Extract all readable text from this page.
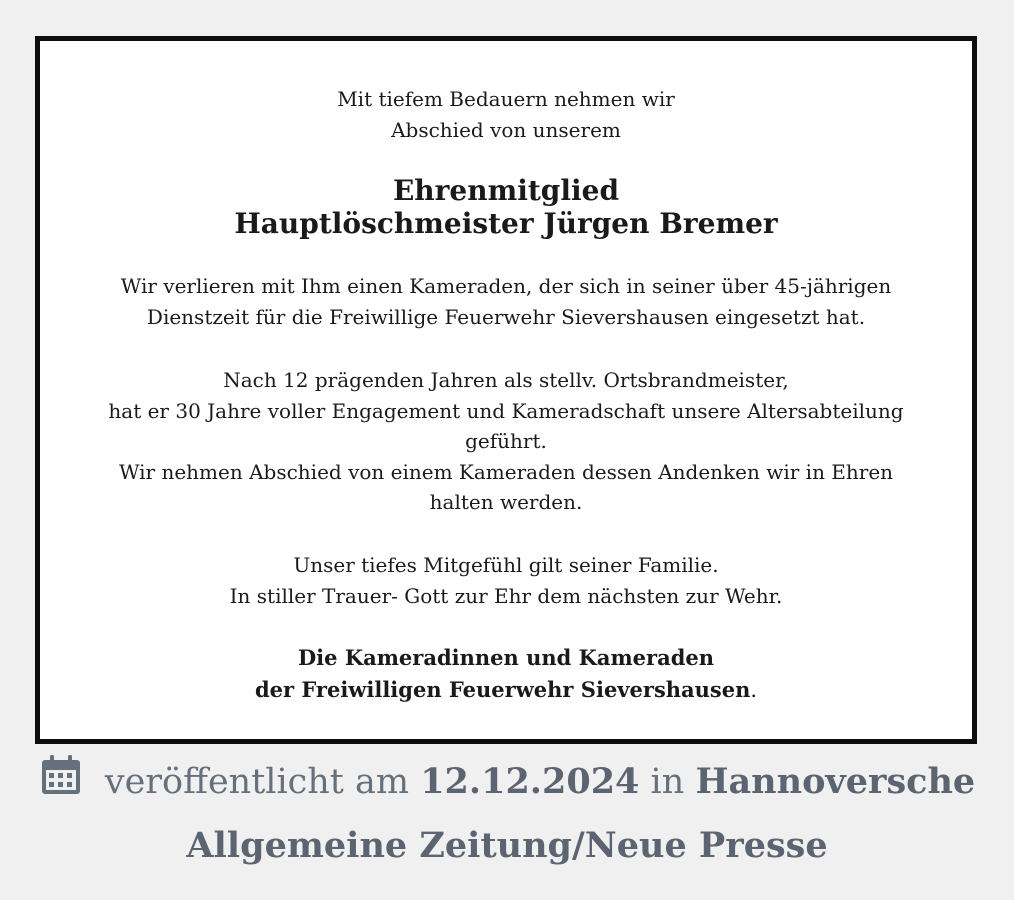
Mit tiefem Bedauern nehmen wir
Abschied von unserem
Ehrenmitglied
Hauptlöschmeister Jürgen Bremer
Wir verlieren mit Ihm einen Kameraden, der sich in seiner über 45-jährigen
Dienstzeit für die Freiwillige Feuerwehr Sievershausen eingesetzt hat.
Nach 12 prägenden Jahren als stellv. Ortsbrandmeister,
hat er 30 Jahre voller Engagement und Kameradschaft unsere Altersabteilung
geführt.
Wir nehmen Abschied von einem Kameraden dessen Andenken wir in Ehren
halten werden.
Unser tiefes Mitgefühl gilt seiner Familie.
In stiller Trauer- Gott zur Ehr dem nächsten zur Wehr.
Die Kameradinnen und Kameraden
der Freiwilligen Feuerwehr Sievershausen.
veröffentlicht am 12.12.2024 in Hannoversche
Allgemeine Zeitung/Neue Presse
